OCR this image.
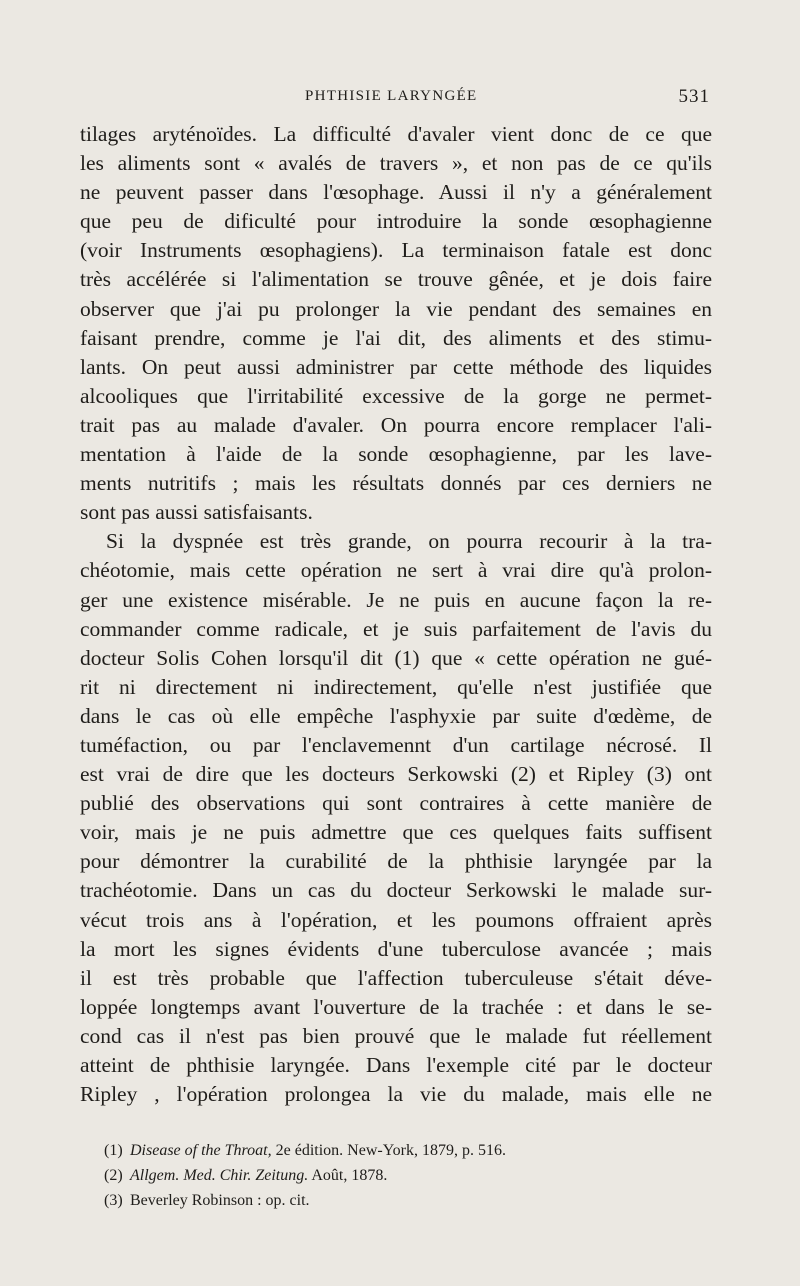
PHTHISIE LARYNGÉE	531
tilages aryténoïdes. La difficulté d'avaler vient donc de ce que
les aliments sont « avalés de travers », et non pas de ce qu'ils
ne peuvent passer dans l'œsophage. Aussi il n'y a généralement
que peu de dificulté pour introduire la sonde œsophagienne
(voir Instruments œsophagiens). La terminaison fatale est donc
très accélérée si l'alimentation se trouve gênée, et je dois faire
observer que j'ai pu prolonger la vie pendant des semaines en
faisant prendre, comme je l'ai dit, des aliments et des stimu-
lants. On peut aussi administrer par cette méthode des liquides
alcooliques que l'irritabilité excessive de la gorge ne permet-
trait pas au malade d'avaler. On pourra encore remplacer l'ali-
mentation à l'aide de la sonde œsophagienne, par les lave-
ments nutritifs ; mais les résultats donnés par ces derniers ne
sont pas aussi satisfaisants.
Si la dyspnée est très grande, on pourra recourir à la tra-
chéotomie, mais cette opération ne sert à vrai dire qu'à prolon-
ger une existence misérable. Je ne puis en aucune façon la re-
commander comme radicale, et je suis parfaitement de l'avis du
docteur Solis Cohen lorsqu'il dit (1) que « cette opération ne gué-
rit ni directement ni indirectement, qu'elle n'est justifiée que
dans le cas où elle empêche l'asphyxie par suite d'œdème, de
tuméfaction, ou par l'enclavemennt d'un cartilage nécrosé. Il
est vrai de dire que les docteurs Serkowski (2) et Ripley (3) ont
publié des observations qui sont contraires à cette manière de
voir, mais je ne puis admettre que ces quelques faits suffisent
pour démontrer la curabilité de la phthisie laryngée par la
trachéotomie. Dans un cas du docteur Serkowski le malade sur-
vécut trois ans à l'opération, et les poumons offraient après
la mort les signes évidents d'une tuberculose avancée ; mais
il est très probable que l'affection tuberculeuse s'était déve-
loppée longtemps avant l'ouverture de la trachée : et dans le se-
cond cas il n'est pas bien prouvé que le malade fut réellement
atteint de phthisie laryngée. Dans l'exemple cité par le docteur
Ripley , l'opération prolongea la vie du malade, mais elle ne
(1) Disease of the Throat, 2e édition. New-York, 1879, p. 516.
(2) Allgem. Med. Chir. Zeitung. Août, 1878.
(3) Beverley Robinson : op. cit.
